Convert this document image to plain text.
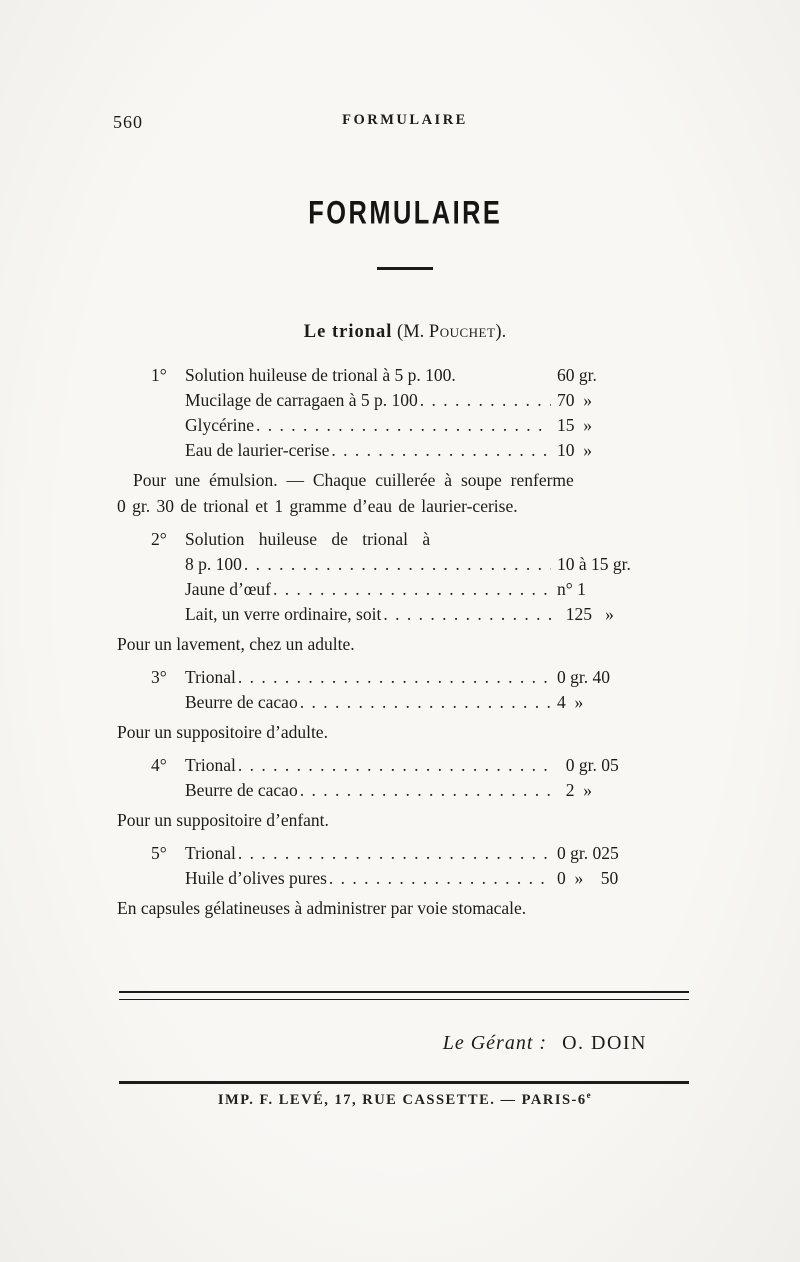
560	FORMULAIRE
FORMULAIRE
Le trional (M. Pouchet).
1°	Solution huileuse de trional à 5 p. 100.	60 gr.
Mucilage de carragaen à 5 p. 100 . . .	70  »
Glycérine . . .	15  »
Eau de laurier-cerise . . .	10  »
Pour une émulsion. — Chaque cuillerée à soupe renferme
0 gr. 30 de trional et 1 gramme d’eau de laurier-cerise.
2°	Solution huileuse de trional à
8 p. 100 . . .	10 à 15 gr.
Jaune d’œuf . . .	n° 1
Lait, un verre ordinaire, soit . . .	125   »
Pour un lavement, chez un adulte.
3°	Trional . . .	0 gr. 40
Beurre de cacao . . .	4  »
Pour un suppositoire d’adulte.
4°	Trional . . .	0 gr. 05
Beurre de cacao . . .	2  »
Pour un suppositoire d’enfant.
5°	Trional . . .	0 gr. 025
Huile d’olives pures . . .	0  »    50
En capsules gélatineuses à administrer par voie stomacale.
Le Gérant : O. DOIN
IMP. F. LEVÉ, 17, RUE CASSETTE. — PARIS-6e
